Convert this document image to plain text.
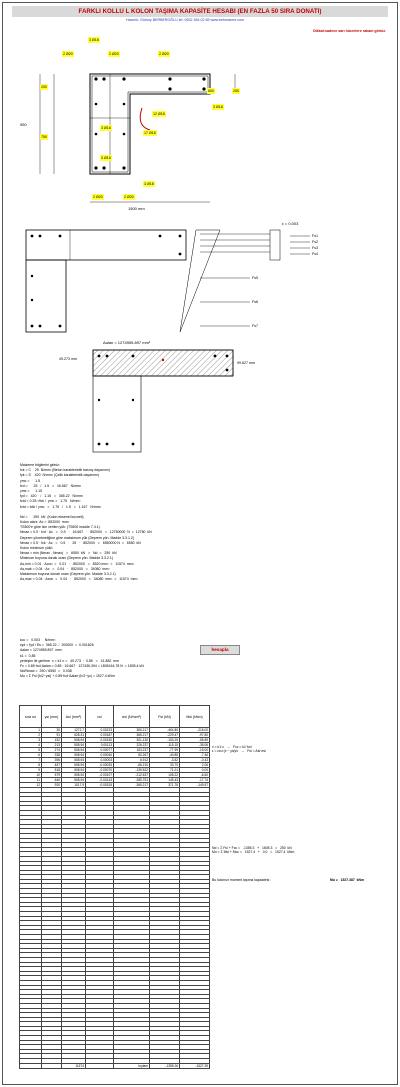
FARKLI KOLLU L KOLON TAŞIMA KAPASİTE HESABI (EN FAZLA 50 SIRA DONATI)
Hazırlık: Gürsoy BERBEROĞLU tel: 0532 364 02 85 www.betonarme.com
Dikkat:sadece sarı hücrelere rakam giriniz.
1500 mm
950
3 Ø18
2 Ø20	2 Ø20	2 Ø20
3 Ø18
3 Ø18
12 Ø18
17 Ø18
3 Ø18
3 Ø18
2 Ø20	2 Ø20
200
750
250
600
ε = 0.003
Fs1
Fs2
Fs3
Fs4
Fs5
Fs6
Fs7
Aalan = 1274955.897 mm²
49.273 mm
99.627 mm
Malzeme bilgilerini giriniz:
fck = C    25  N/mm² (Beton karakteristik basınç dayanımı)
fyk = S    420  N/mm² (Çelik karakteristik dayanımı)
γmc =      1.5
fcd =      25   /   1.5   =   16.667   N/mm²
γms =      1.15
fyd =   420    /   1.15   =   365.22   N/mm²
fctd = 0.35·√fck /  γmc =   1.75   N/mm²
fctd = fctk / γmc   =   1.75   /   1.5   =   1.167   N/mm²
Nd =      250  kN  (Kolon eksenel kuvveti)
Kolon alanı  Ac =  852000  mm²
TS500'e göre izin verilen yük: (TS500 madde 7.4.1)
Nmax = 0.9 · fcd · Ac   =   0.9   ·   16.667   ·   852000   =   12780000  N  =  12780  kN
Deprem yönetmeliğine göre maksimum yük (Deprem yön. Madde 3.3.1.2)
Nmax = 0.5 · fck · Ac   =   0.5   ·   25   ·   852000   =   6550000 N  =   6550  kN
Kolon minimum yükü
Nmax = min (Nmax , Nmax)   =   6550  kN   >   Nd  =   250  kN
Minimum boyuna donatı oranı (Deprem yön. Madde 3.3.2.1)
As,min = 0.01 · Acon  =   0.01   ·   852000   =   8520 mm²  <   11574  mm²
As,mak = 0.04 · Ac   =   0.04   ·   852000   =   34080  mm²
Maksimum boyuna donatı oranı (Deprem yön. Madde 3.3.2.1)
As,max = 0.04 · Acon  =   0.04   ·   852000   =   34080  mm²  >   11574  mm²
εcu =   0.003     N/mm²
εyd = fyd / Es =  365.22  /  200000  =  0.001826
Aalan = 1274955.897  mm²
k1 =  0.85
yerleşim ile gerilme  x = k1·c =   49.273  ·  0.85   =   41.882  mm
Fc = 0.85·fcd·Aalan = 0.85 · 16.667 · 127436.394 = 1805416.78 N  = 1805.4 kN
Nd/Nmax =  250 / 6550  =   0.038
Mu = Σ Fsi·(h/2−ysi) + 0.85·fcd·Aalan·(h/2−yc) = 1527.4 kNm
hesapla
sıra no	ysi (mm)	Asi (mm²)	εsi	σsi (N/mm²)	Fsi (kN)	Msi (kNm)
1	30	1272.7	0.00223	365.217	-464.80	-218.00
2	91	628.31	0.00187	365.217	-229.47	-97.80
3	152	508.94	0.00150	301.130	-153.25	-55.89
4	213	508.94	0.00113	226.237	-115.15	-35.06
5	274	508.94	0.00077	153.237	-77.99	-19.00
6	335	508.94	0.00040	80.267	-40.85	-7.46
7	396	508.94	0.00003	6.912	-3.52	-0.43
8	457	508.94	-0.00033	-66.210	33.70	2.06
9	518	508.94	-0.00070	-139.522	71.01	0.00
10	579	508.94	-0.00107	-212.637	108.22	-6.60
11	640	508.94	-0.00143	-285.751	145.43	-17.74
12	920	1017.9	-0.00315	-365.217	371.76	-149.57

		11574		toplam	-1355.26	-1527.39
x = k1·c   →   Fcc = k1·fcd
ε = εcu·(c − ysi)/c   →   Fsi = Asi·σsi
Nd = Σ Fsi + Fcc =   -1355.3   +   1605.3   =   250  kN
Mu = Σ Msi + Mcc =   1527.4   +   0.0   =   1527.4  kNm
Bu kolonun moment taşıma kapasitesi :	Mu =   1527.387  kNm
